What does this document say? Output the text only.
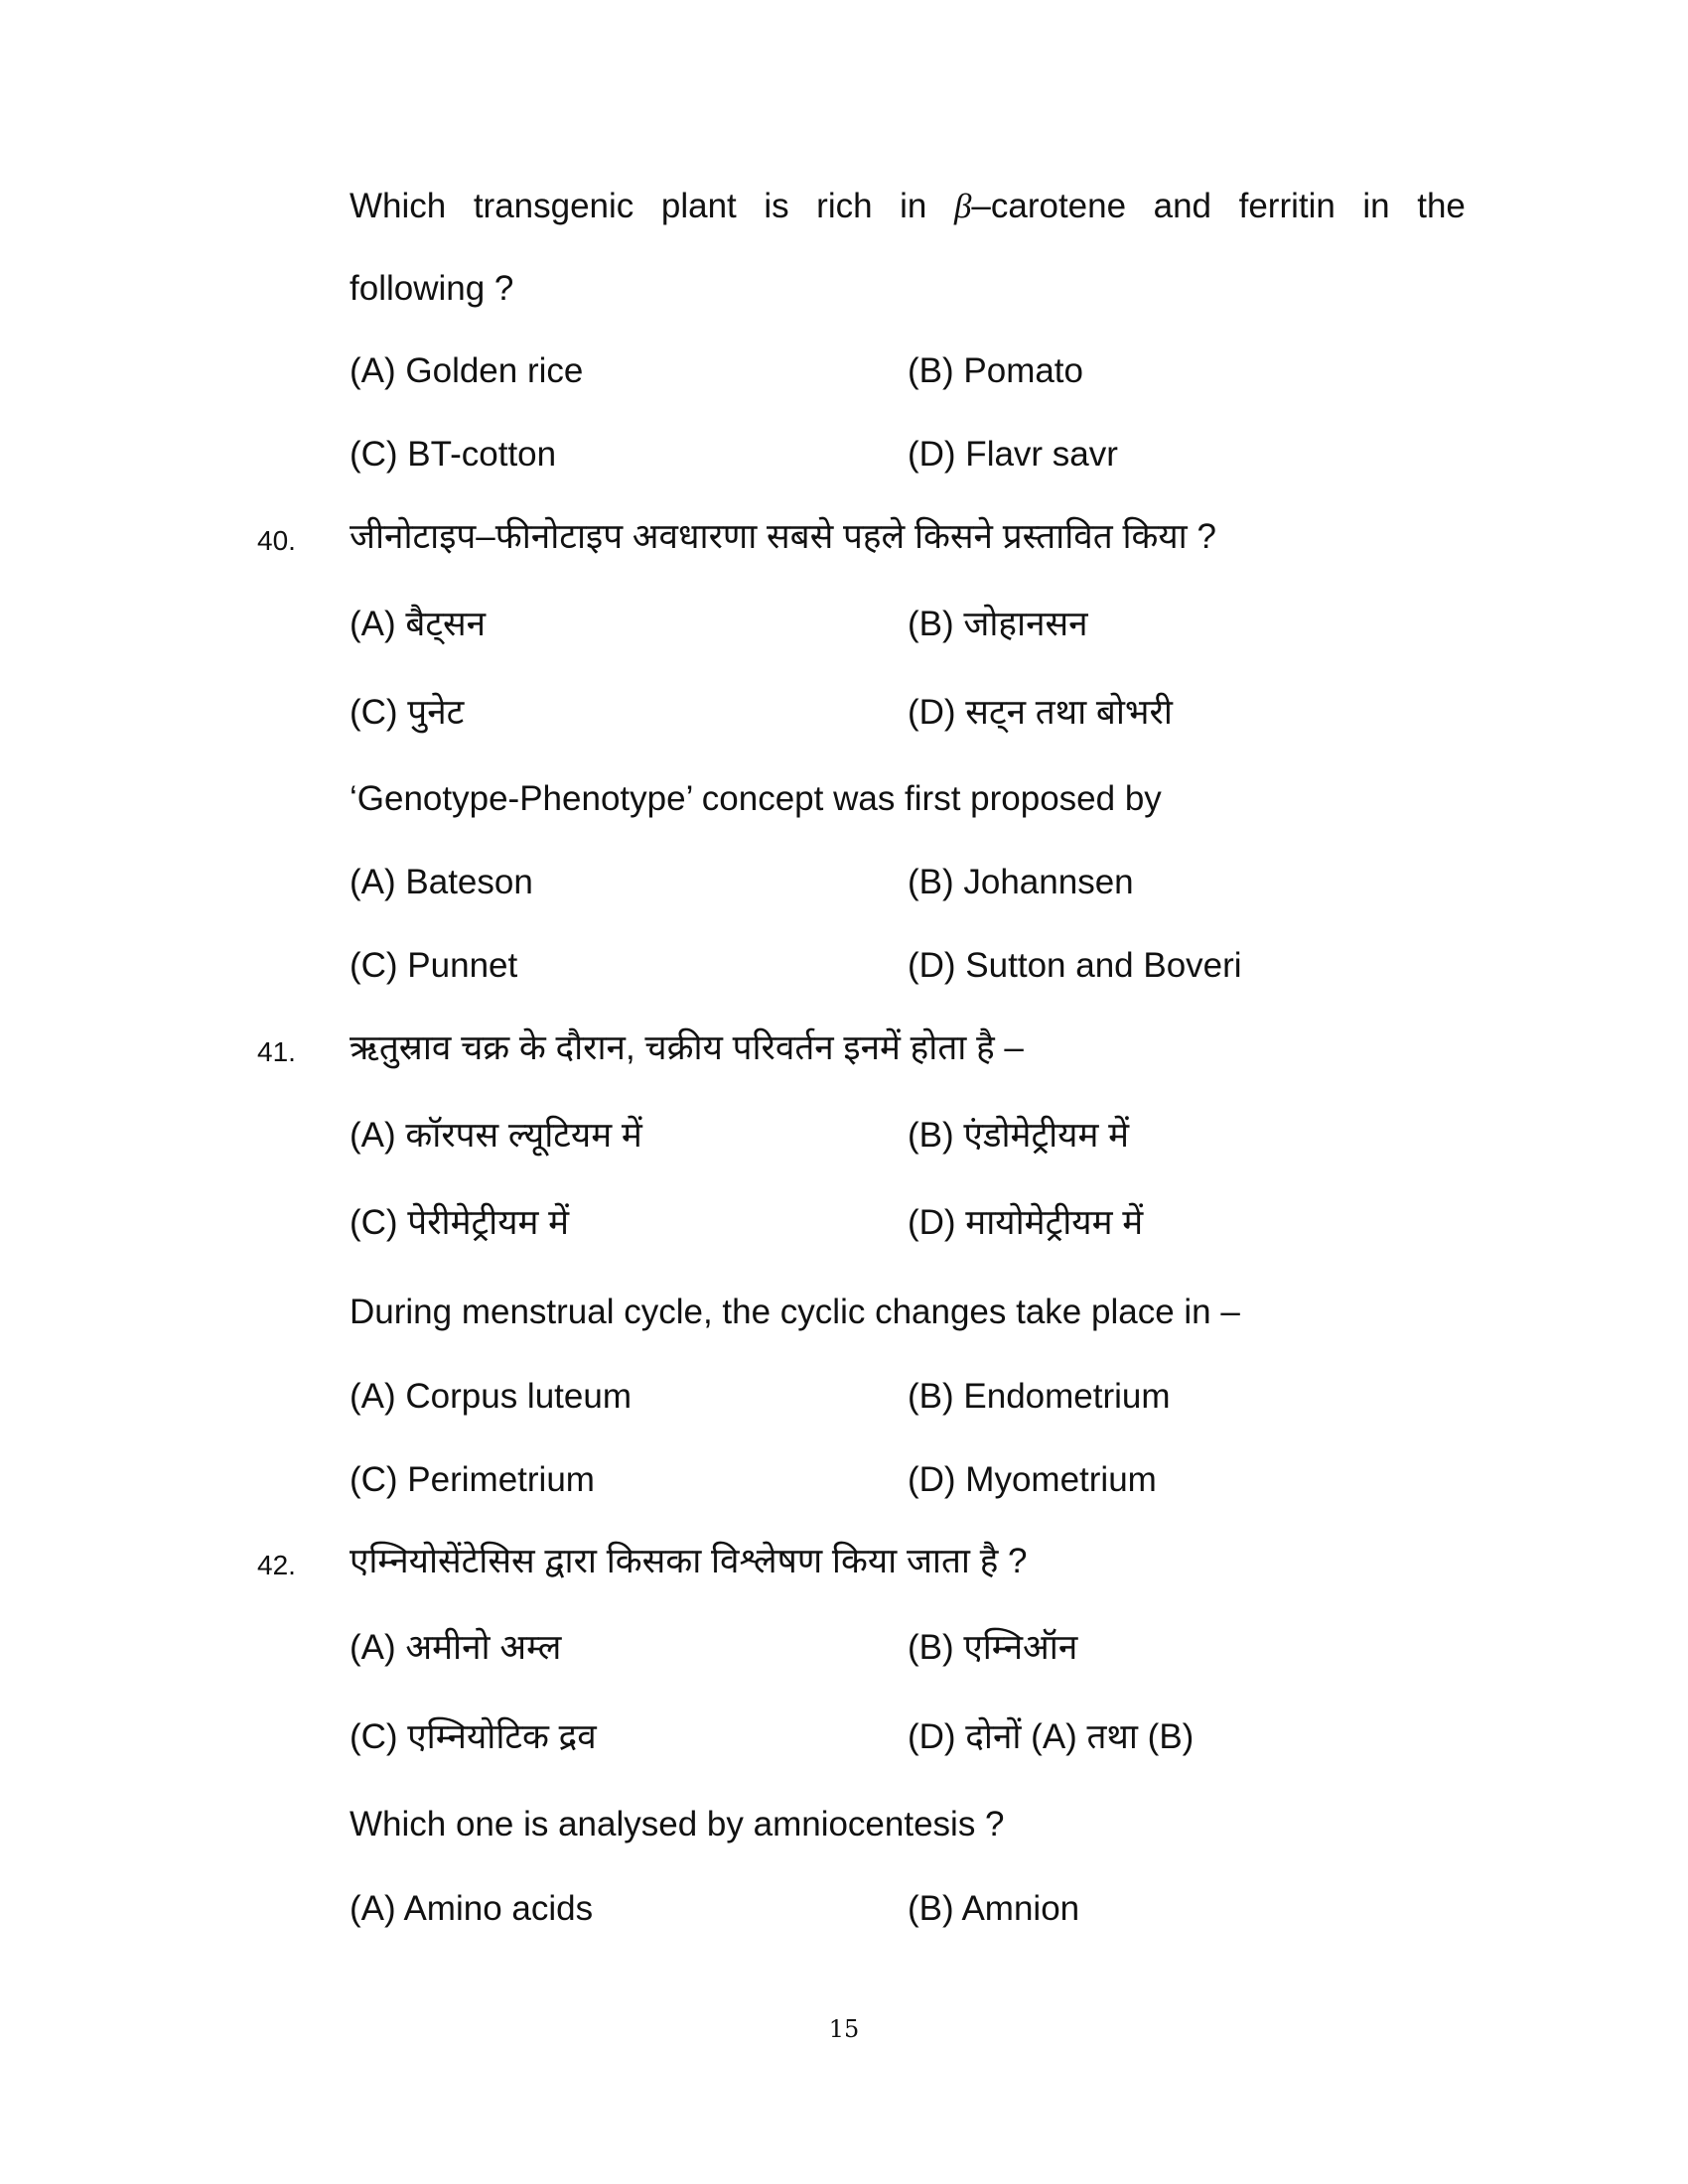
Which transgenic plant is rich in β–carotene and ferritin in the
following ?
(A) Golden rice	(B) Pomato
(C) BT-cotton	(D) Flavr savr
40. जीनोटाइप–फीनोटाइप अवधारणा सबसे पहले किसने प्रस्तावित किया ?
(A) बैट्सन	(B) जोहानसन
(C) पुनेट	(D) सट्न तथा बोभरी
‘Genotype-Phenotype’ concept was first proposed by
(A) Bateson	(B) Johannsen
(C) Punnet	(D) Sutton and Boveri
41. ऋतुस्राव चक्र के दौरान, चक्रीय परिवर्तन इनमें होता है –
(A) कॉरपस ल्यूटियम में	(B) एंडोमेट्रीयम में
(C) पेरीमेट्रीयम में	(D) मायोमेट्रीयम में
During menstrual cycle, the cyclic changes take place in –
(A) Corpus luteum	(B) Endometrium
(C) Perimetrium	(D) Myometrium
42. एम्नियोसेंटेसिस द्वारा किसका विश्लेषण किया जाता है ?
(A) अमीनो अम्ल	(B) एम्निऑन
(C) एम्नियोटिक द्रव	(D) दोनों (A) तथा (B)
Which one is analysed by amniocentesis ?
(A) Amino acids	(B) Amnion
15
